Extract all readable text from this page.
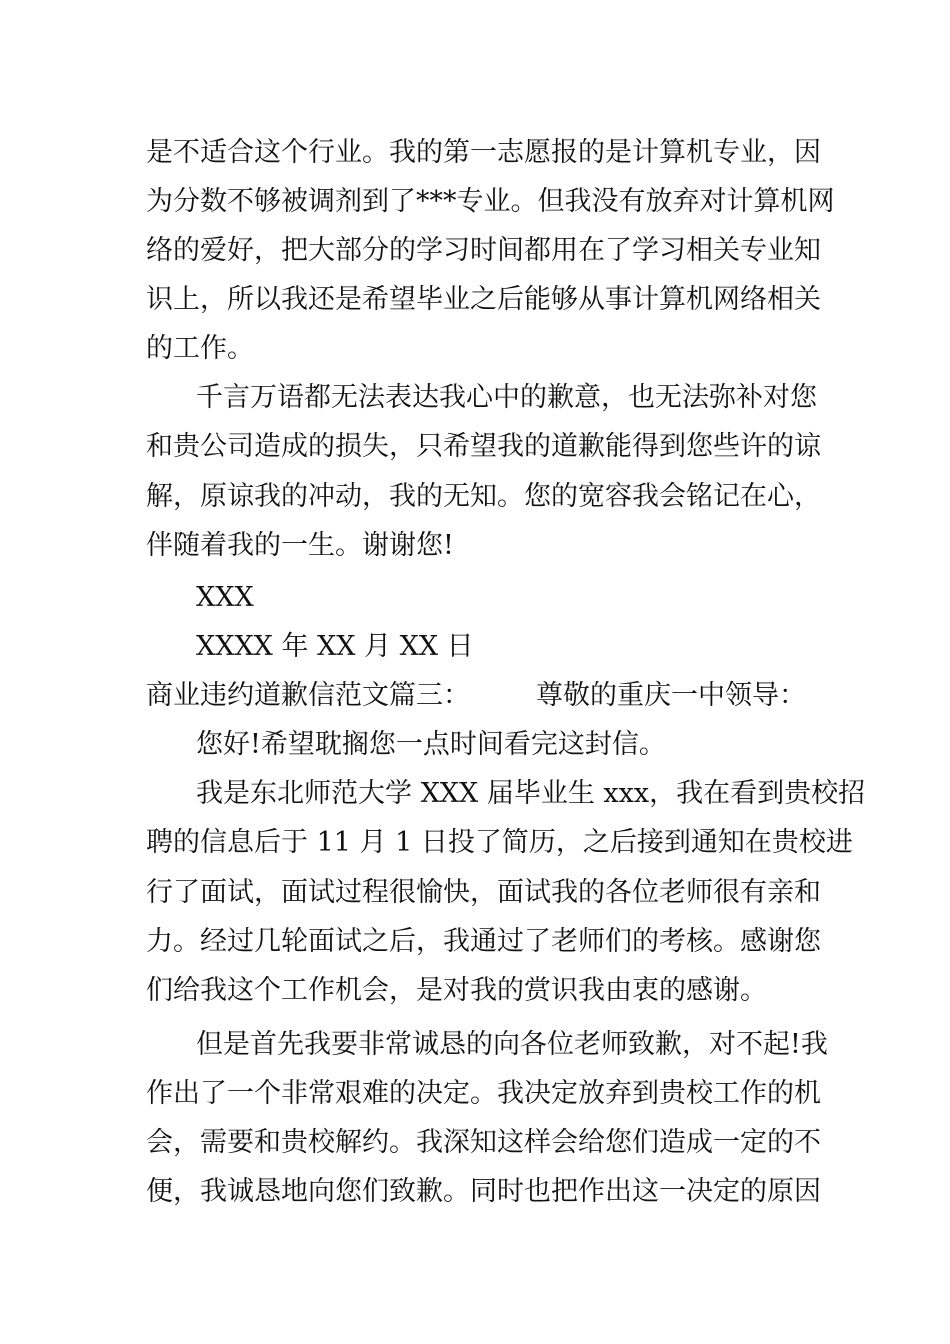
是不适合这个行业。我的第一志愿报的是计算机专业，因
为分数不够被调剂到了***专业。但我没有放弃对计算机网
络的爱好，把大部分的学习时间都用在了学习相关专业知
识上，所以我还是希望毕业之后能够从事计算机网络相关
的工作。
千言万语都无法表达我心中的歉意，也无法弥补对您
和贵公司造成的损失，只希望我的道歉能得到您些许的谅
解，原谅我的冲动，我的无知。您的宽容我会铭记在心，
伴随着我的一生。谢谢您!
XXX
XXXX 年 XX 月 XX 日
商业违约道歉信范文篇三： 尊敬的重庆一中领导：
您好!希望耽搁您一点时间看完这封信。
我是东北师范大学 XXX 届毕业生 xxx，我在看到贵校招
聘的信息后于 11 月 1 日投了简历，之后接到通知在贵校进
行了面试，面试过程很愉快，面试我的各位老师很有亲和
力。经过几轮面试之后，我通过了老师们的考核。感谢您
们给我这个工作机会，是对我的赏识我由衷的感谢。
但是首先我要非常诚恳的向各位老师致歉，对不起!我
作出了一个非常艰难的决定。我决定放弃到贵校工作的机
会，需要和贵校解约。我深知这样会给您们造成一定的不
便，我诚恳地向您们致歉。同时也把作出这一决定的原因
